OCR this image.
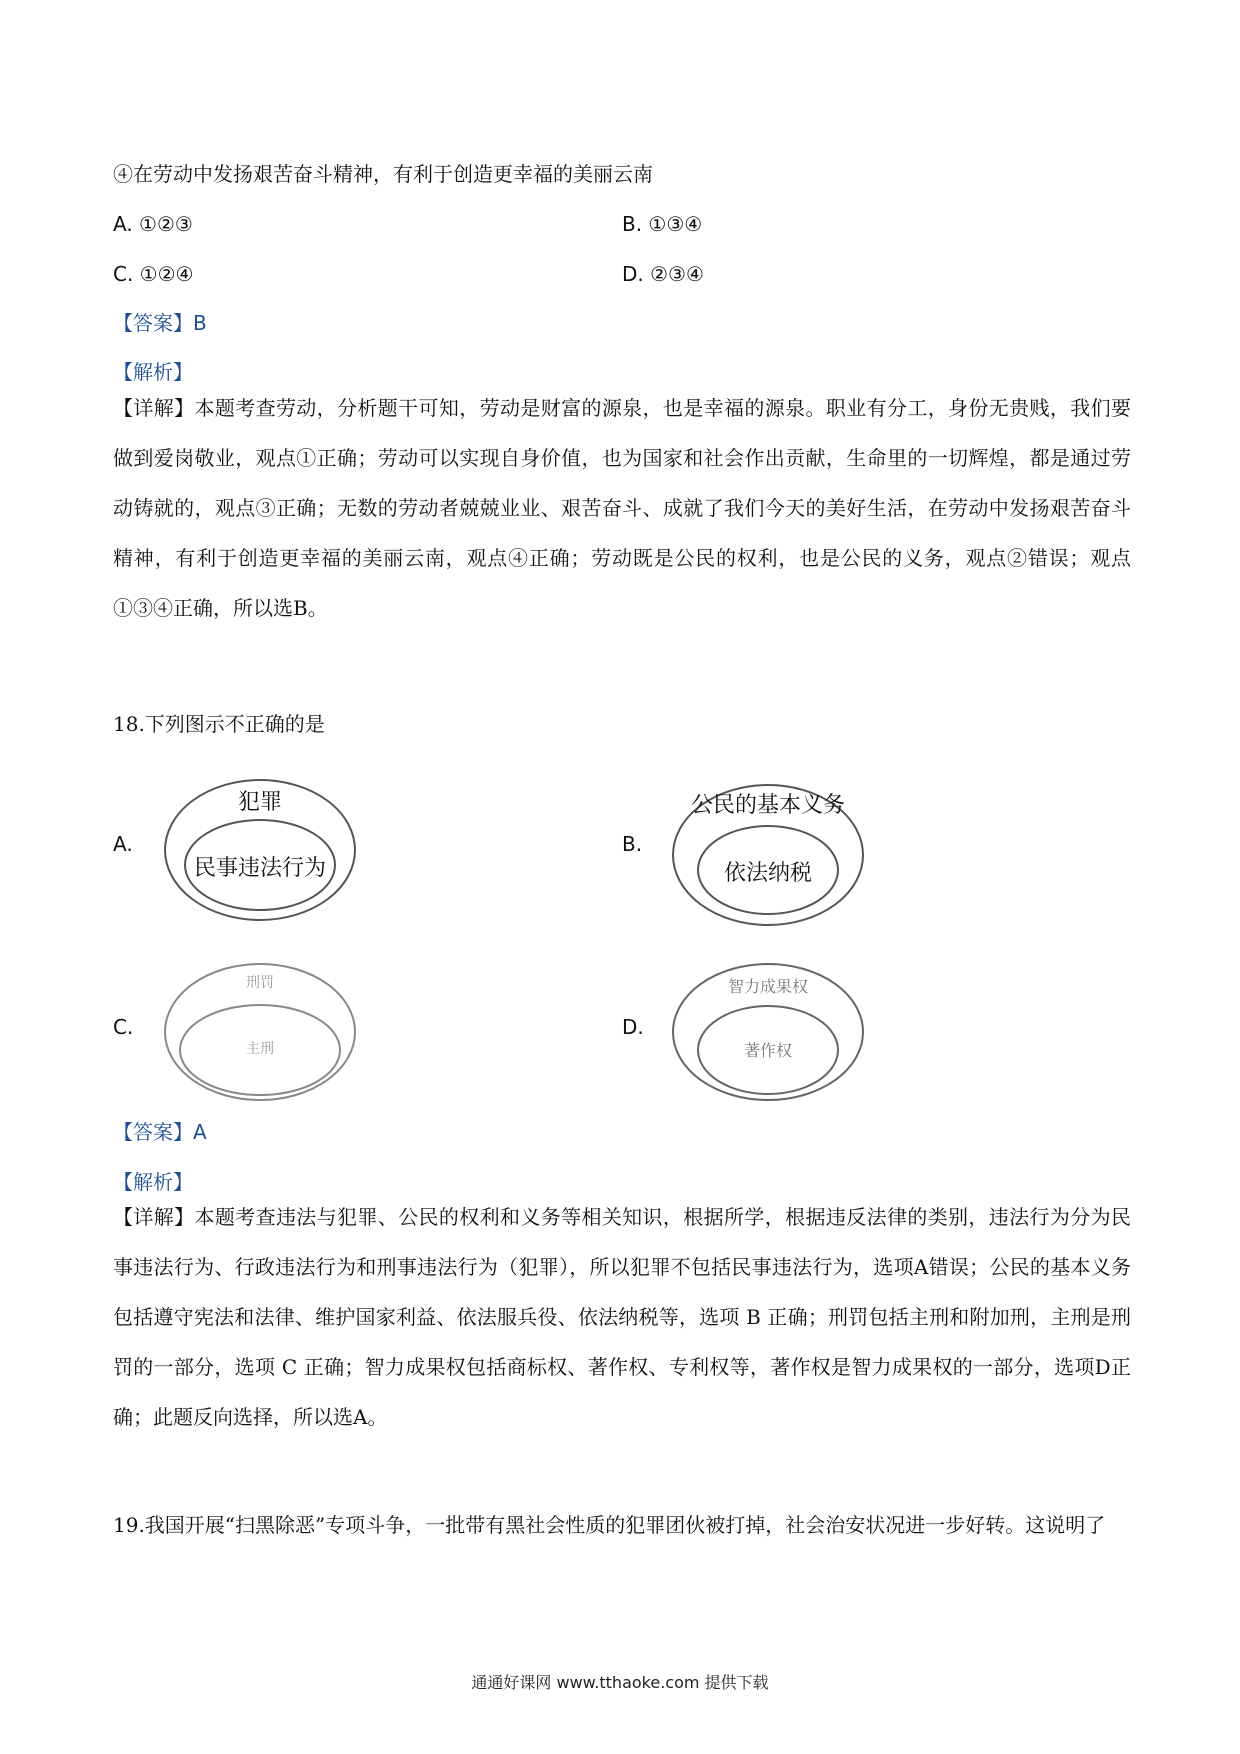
④在劳动中发扬艰苦奋斗精神，有利于创造更幸福的美丽云南
A. ①②③	B. ①③④
C. ①②④	D. ②③④
【答案】B
【解析】
【详解】本题考查劳动，分析题干可知，劳动是财富的源泉，也是幸福的源泉。职业有分工，身份无贵贱，我们要做到爱岗敬业，观点①正确；劳动可以实现自身价值，也为国家和社会作出贡献，生命里的一切辉煌，都是通过劳动铸就的，观点③正确；无数的劳动者兢兢业业、艰苦奋斗、成就了我们今天的美好生活，在劳动中发扬艰苦奋斗精神，有利于创造更幸福的美丽云南，观点④正确；劳动既是公民的权利，也是公民的义务，观点②错误；观点①③④正确，所以选B。
18.下列图示不正确的是
A.
犯罪
民事违法行为
B.
公民的基本义务
依法纳税
C.
刑罚
主刑
D.
智力成果权
著作权
【答案】A
【解析】
【详解】本题考查违法与犯罪、公民的权利和义务等相关知识，根据所学，根据违反法律的类别，违法行为分为民事违法行为、行政违法行为和刑事违法行为（犯罪），所以犯罪不包括民事违法行为，选项A错误；公民的基本义务包括遵守宪法和法律、维护国家利益、依法服兵役、依法纳税等，选项 B 正确；刑罚包括主刑和附加刑，主刑是刑罚的一部分，选项 C 正确；智力成果权包括商标权、著作权、专利权等，著作权是智力成果权的一部分，选项D正确；此题反向选择，所以选A。
19.我国开展“扫黑除恶”专项斗争，一批带有黑社会性质的犯罪团伙被打掉，社会治安状况进一步好转。这说明了
通通好课网 www.tthaoke.com 提供下载
